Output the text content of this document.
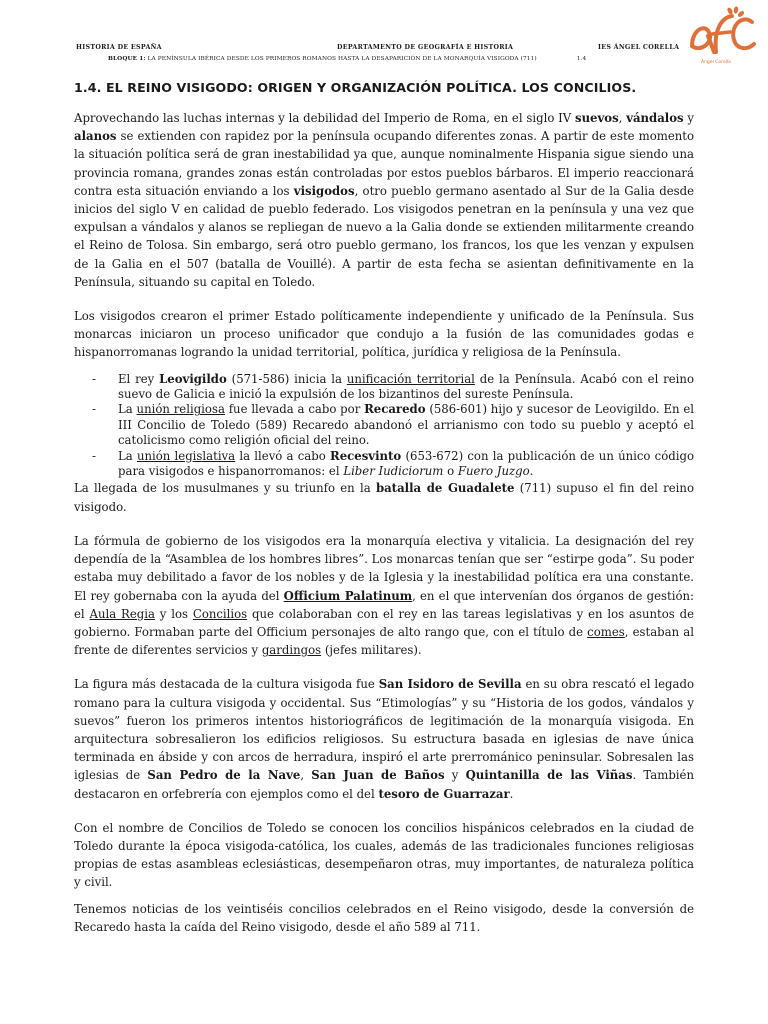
HISTORIA DE ESPAÑA	DEPARTAMENTO DE GEOGRAFÍA E HISTORIA	IES ÁNGEL CORELLA
BLOQUE 1: LA PENÍNSULA IBÉRICA DESDE LOS PRIMEROS ROMANOS HASTA LA DESAPARICIÓN DE LA MONARQUÍA VISIGODA (711)	1.4
Ángel Corella
1.4. EL REINO VISIGODO: ORIGEN Y ORGANIZACIÓN POLÍTICA. LOS CONCILIOS.

Aprovechando las luchas internas y la debilidad del Imperio de Roma, en el siglo IV suevos, vándalos y alanos se extienden con rapidez por la península ocupando diferentes zonas. A partir de este momento la situación política será de gran inestabilidad ya que, aunque nominalmente Hispania sigue siendo una provincia romana, grandes zonas están controladas por estos pueblos bárbaros. El imperio reaccionará contra esta situación enviando a los visigodos, otro pueblo germano asentado al Sur de la Galia desde inicios del siglo V en calidad de pueblo federado. Los visigodos penetran en la península y una vez que expulsan a vándalos y alanos se repliegan de nuevo a la Galia donde se extienden militarmente creando el Reino de Tolosa. Sin embargo, será otro pueblo germano, los francos, los que les venzan y expulsen de la Galia en el 507 (batalla de Vouillé). A partir de esta fecha se asientan definitivamente en la Península, situando su capital en Toledo.

Los visigodos crearon el primer Estado políticamente independiente y unificado de la Península. Sus monarcas iniciaron un proceso unificador que condujo a la fusión de las comunidades godas e hispanorromanas logrando la unidad territorial, política, jurídica y religiosa de la Península.

- El rey Leovigildo (571-586) inicia la unificación territorial de la Península. Acabó con el reino suevo de Galicia e inició la expulsión de los bizantinos del sureste Península.
- La unión religiosa fue llevada a cabo por Recaredo (586-601) hijo y sucesor de Leovigildo. En el III Concilio de Toledo (589) Recaredo abandonó el arrianismo con todo su pueblo y aceptó el catolicismo como religión oficial del reino.
- La unión legislativa la llevó a cabo Recesvinto (653-672) con la publicación de un único código para visigodos e hispanorromanos: el Liber Iudiciorum o Fuero Juzgo.

La llegada de los musulmanes y su triunfo en la batalla de Guadalete (711) supuso el fin del reino visigodo.

La fórmula de gobierno de los visigodos era la monarquía electiva y vitalicia. La designación del rey dependía de la “Asamblea de los hombres libres”. Los monarcas tenían que ser “estirpe goda”. Su poder estaba muy debilitado a favor de los nobles y de la Iglesia y la inestabilidad política era una constante. El rey gobernaba con la ayuda del Officium Palatinum, en el que intervenían dos órganos de gestión: el Aula Regia y los Concilios que colaboraban con el rey en las tareas legislativas y en los asuntos de gobierno. Formaban parte del Officium personajes de alto rango que, con el título de comes, estaban al frente de diferentes servicios y gardingos (jefes militares).

La figura más destacada de la cultura visigoda fue San Isidoro de Sevilla en su obra rescató el legado romano para la cultura visigoda y occidental. Sus “Etimologías” y su “Historia de los godos, vándalos y suevos” fueron los primeros intentos historiográficos de legitimación de la monarquía visigoda. En arquitectura sobresalieron los edificios religiosos. Su estructura basada en iglesias de nave única terminada en ábside y con arcos de herradura, inspiró el arte prerrománico peninsular. Sobresalen las iglesias de San Pedro de la Nave, San Juan de Baños y Quintanilla de las Viñas. También destacaron en orfebrería con ejemplos como el del tesoro de Guarrazar.

Con el nombre de Concilios de Toledo se conocen los concilios hispánicos celebrados en la ciudad de Toledo durante la época visigoda-católica, los cuales, además de las tradicionales funciones religiosas propias de estas asambleas eclesiásticas, desempeñaron otras, muy importantes, de naturaleza política y civil.

Tenemos noticias de los veintiséis concilios celebrados en el Reino visigodo, desde la conversión de Recaredo hasta la caída del Reino visigodo, desde el año 589 al 711.
